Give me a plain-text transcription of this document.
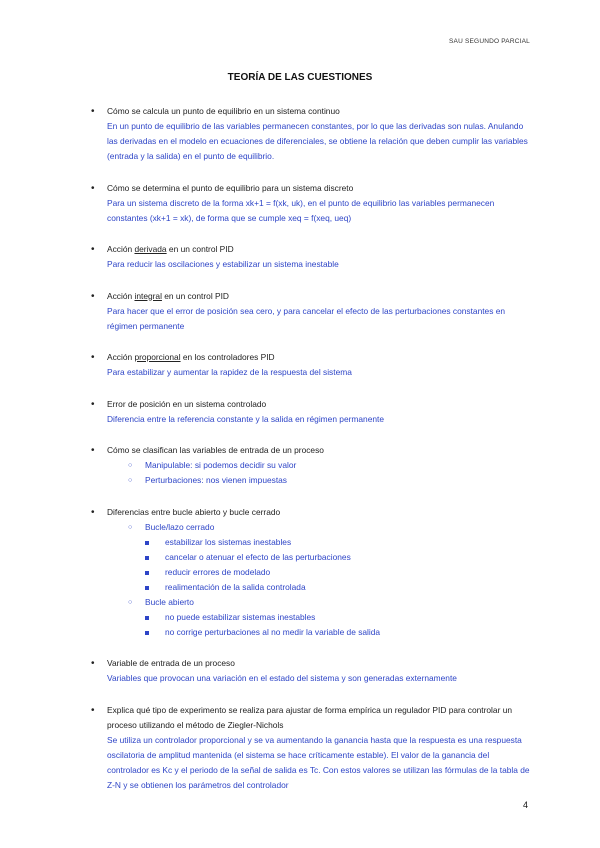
SAU SEGUNDO PARCIAL
TEORÍA DE LAS CUESTIONES
• Cómo se calcula un punto de equilibrio en un sistema continuo
En un punto de equilibrio de las variables permanecen constantes, por lo que las derivadas son nulas. Anulando las derivadas en el modelo en ecuaciones de diferenciales, se obtiene la relación que deben cumplir las variables (entrada y la salida) en el punto de equilibrio.
• Cómo se determina el punto de equilibrio para un sistema discreto
Para un sistema discreto de la forma xk+1 = f(xk, uk), en el punto de equilibrio las variables permanecen constantes (xk+1 = xk), de forma que se cumple xeq = f(xeq, ueq)
• Acción derivada en un control PID
Para reducir las oscilaciones y estabilizar un sistema inestable
• Acción integral en un control PID
Para hacer que el error de posición sea cero, y para cancelar el efecto de las perturbaciones constantes en régimen permanente
• Acción proporcional en los controladores PID
Para estabilizar y aumentar la rapidez de la respuesta del sistema
• Error de posición en un sistema controlado
Diferencia entre la referencia constante y la salida en régimen permanente
• Cómo se clasifican las variables de entrada de un proceso
○ Manipulable: si podemos decidir su valor
○ Perturbaciones: nos vienen impuestas
• Diferencias entre bucle abierto y bucle cerrado
○ Bucle/lazo cerrado
estabilizar los sistemas inestables
cancelar o atenuar el efecto de las perturbaciones
reducir errores de modelado
realimentación de la salida controlada
○ Bucle abierto
no puede estabilizar sistemas inestables
no corrige perturbaciones al no medir la variable de salida
• Variable de entrada de un proceso
Variables que provocan una variación en el estado del sistema y son generadas externamente
• Explica qué tipo de experimento se realiza para ajustar de forma empírica un regulador PID para controlar un proceso utilizando el método de Ziegler-Nichols
Se utiliza un controlador proporcional y se va aumentando la ganancia hasta que la respuesta es una respuesta oscilatoria de amplitud mantenida (el sistema se hace críticamente estable). El valor de la ganancia del controlador es Kc y el periodo de la señal de salida es Tc. Con estos valores se utilizan las fórmulas de la tabla de Z-N y se obtienen los parámetros del controlador
4
